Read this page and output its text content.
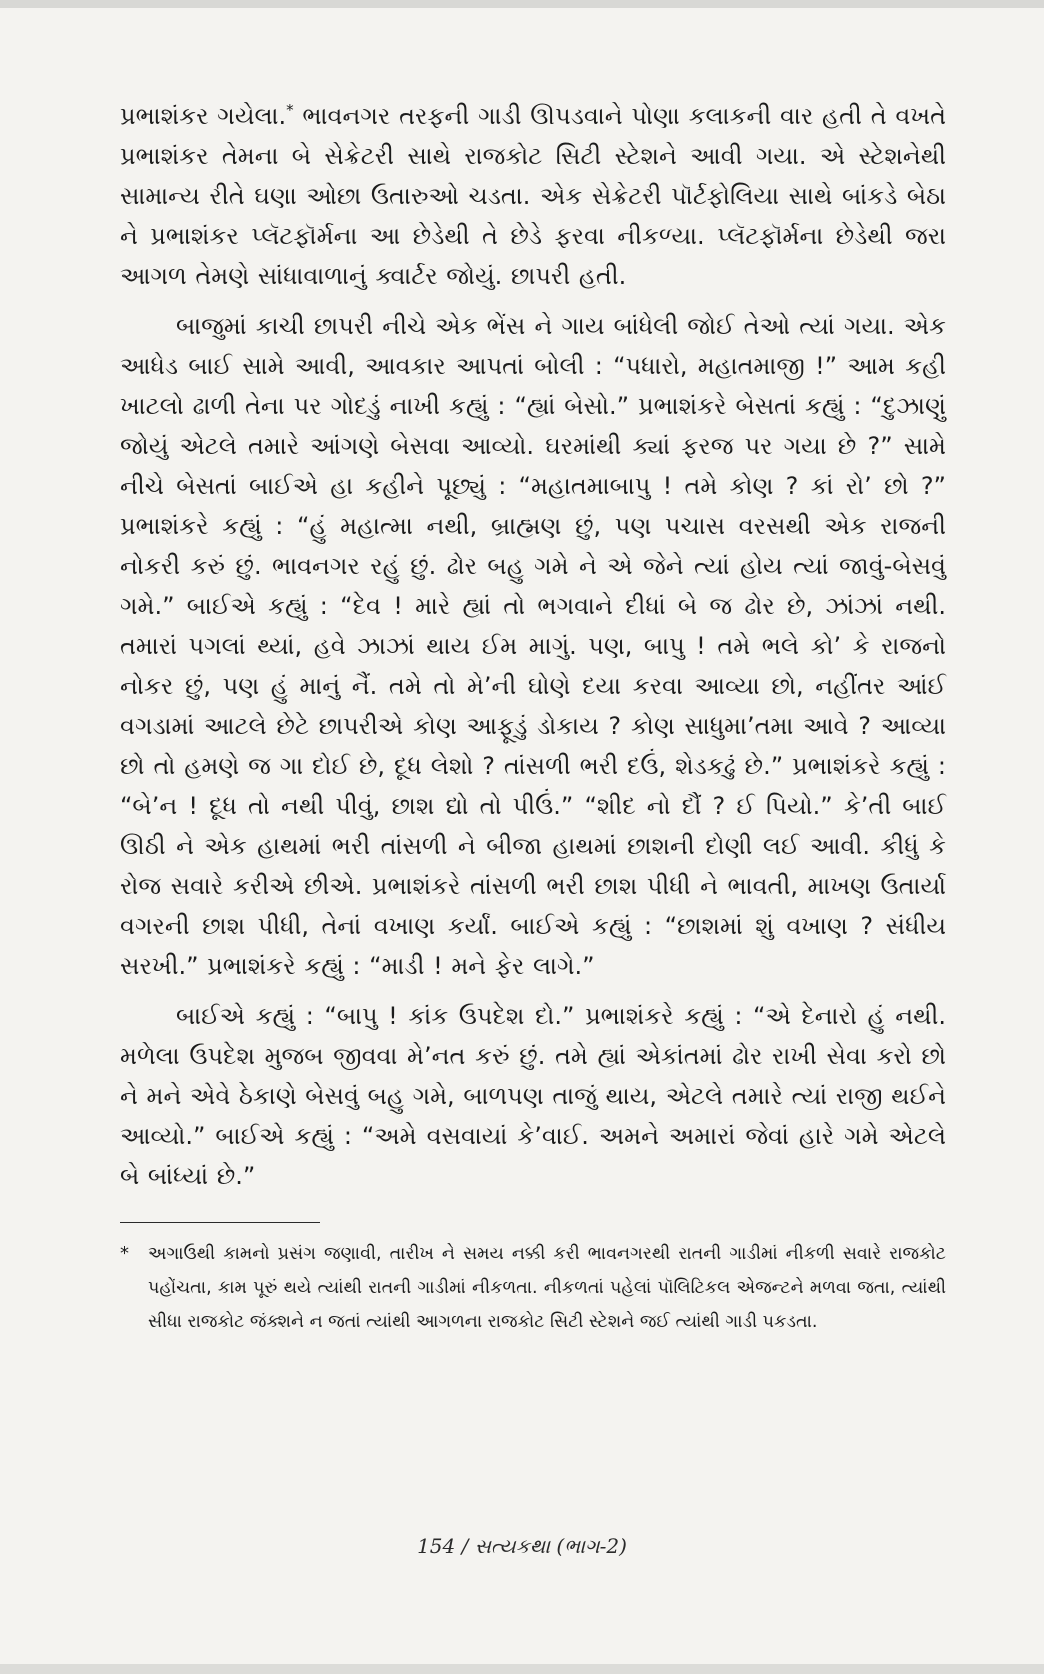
પ્રભાશંકર ગયેલા.* ભાવનગર તરફની ગાડી ઊપડવાને પોણા કલાકની વાર હતી તે વખતે પ્રભાશંકર તેમના બે સેક્રેટરી સાથે રાજકોટ સિટી સ્ટેશને આવી ગયા. એ સ્ટેશનેથી સામાન્ય રીતે ઘણા ઓછા ઉતારુઓ ચડતા. એક સેક્રેટરી પૉર્ટફોલિયા સાથે બાંકડે બેઠા ને પ્રભાશંકર પ્લૅટફૉર્મના આ છેડેથી તે છેડે ફરવા નીકળ્યા. પ્લૅટફૉર્મના છેડેથી જરા આગળ તેમણે સાંધાવાળાનું ક્વાર્ટર જોયું. છાપરી હતી.

બાજુમાં કાચી છાપરી નીચે એક ભેંસ ને ગાય બાંધેલી જોઈ તેઓ ત્યાં ગયા. એક આધેડ બાઈ સામે આવી, આવકાર આપતાં બોલી : “પધારો, મહાતમાજી !” આમ કહી ખાટલો ઢાળી તેના પર ગોદડું નાખી કહ્યું : “હ્યાં બેસો.” પ્રભાશંકરે બેસતાં કહ્યું : “દુઝાણું જોયું એટલે તમારે આંગણે બેસવા આવ્યો. ઘરમાંથી ક્યાં ફરજ પર ગયા છે ?” સામે નીચે બેસતાં બાઈએ હા કહીને પૂછ્યું : “મહાતમાબાપુ ! તમે કોણ ? કાં રો’ છો ?” પ્રભાશંકરે કહ્યું : “હું મહાત્મા નથી, બ્રાહ્મણ છું, પણ પચાસ વરસથી એક રાજની નોકરી કરું છું. ભાવનગર રહું છું. ઢોર બહુ ગમે ને એ જેને ત્યાં હોય ત્યાં જાવું-બેસવું ગમે.” બાઈએ કહ્યું : “દેવ ! મારે હ્યાં તો ભગવાને દીધાં બે જ ઢોર છે, ઝાંઝાં નથી. તમારાં પગલાં થ્યાં, હવે ઝાઝાં થાય ઈમ માગું. પણ, બાપુ ! તમે ભલે કો’ કે રાજનો નોકર છું, પણ હું માનું નૈં. તમે તો મે’ની ઘોણે દયા કરવા આવ્યા છો, નહીંતર આંઈ વગડામાં આટલે છેટે છાપરીએ કોણ આફૂડું ડોકાય ? કોણ સાધુમા’તમા આવે ? આવ્યા છો તો હમણે જ ગા દોઈ છે, દૂધ લેશો ? તાંસળી ભરી દઉં, શેડકઢું છે.” પ્રભાશંકરે કહ્યું : “બે’ન ! દૂધ તો નથી પીવું, છાશ દ્યો તો પીઉં.” “શીદ નો દૌં ? ઈ પિયો.” કે’તી બાઈ ઊઠી ને એક હાથમાં ભરી તાંસળી ને બીજા હાથમાં છાશની દોણી લઈ આવી. કીધું કે રોજ સવારે કરીએ છીએ. પ્રભાશંકરે તાંસળી ભરી છાશ પીધી ને ભાવતી, માખણ ઉતાર્યા વગરની છાશ પીધી, તેનાં વખાણ કર્યાં. બાઈએ કહ્યું : “છાશમાં શું વખાણ ? સંધીય સરખી.” પ્રભાશંકરે કહ્યું : “માડી ! મને ફેર લાગે.”

બાઈએ કહ્યું : “બાપુ ! કાંક ઉપદેશ દો.” પ્રભાશંકરે કહ્યું : “એ દેનારો હું નથી. મળેલા ઉપદેશ મુજબ જીવવા મે’નત કરું છું. તમે હ્યાં એકાંતમાં ઢોર રાખી સેવા કરો છો ને મને એવે ઠેકાણે બેસવું બહુ ગમે, બાળપણ તાજું થાય, એટલે તમારે ત્યાં રાજી થઈને આવ્યો.” બાઈએ કહ્યું : “અમે વસવાયાં કે’વાઈ. અમને અમારાં જેવાં હારે ગમે એટલે બે બાંધ્યાં છે.”

*	અગાઉથી કામનો પ્રસંગ જણાવી, તારીખ ને સમય નક્કી કરી ભાવનગરથી રાતની ગાડીમાં નીકળી સવારે રાજકોટ પહોંચતા, કામ પૂરું થયે ત્યાંથી રાતની ગાડીમાં નીકળતા. નીકળતાં પહેલાં પૉલિટિકલ એજન્ટને મળવા જતા, ત્યાંથી સીધા રાજકોટ જંક્શને ન જતાં ત્યાંથી આગળના રાજકોટ સિટી સ્ટેશને જઈ ત્યાંથી ગાડી પકડતા.
154 / સત્યકથા (ભાગ-2)
